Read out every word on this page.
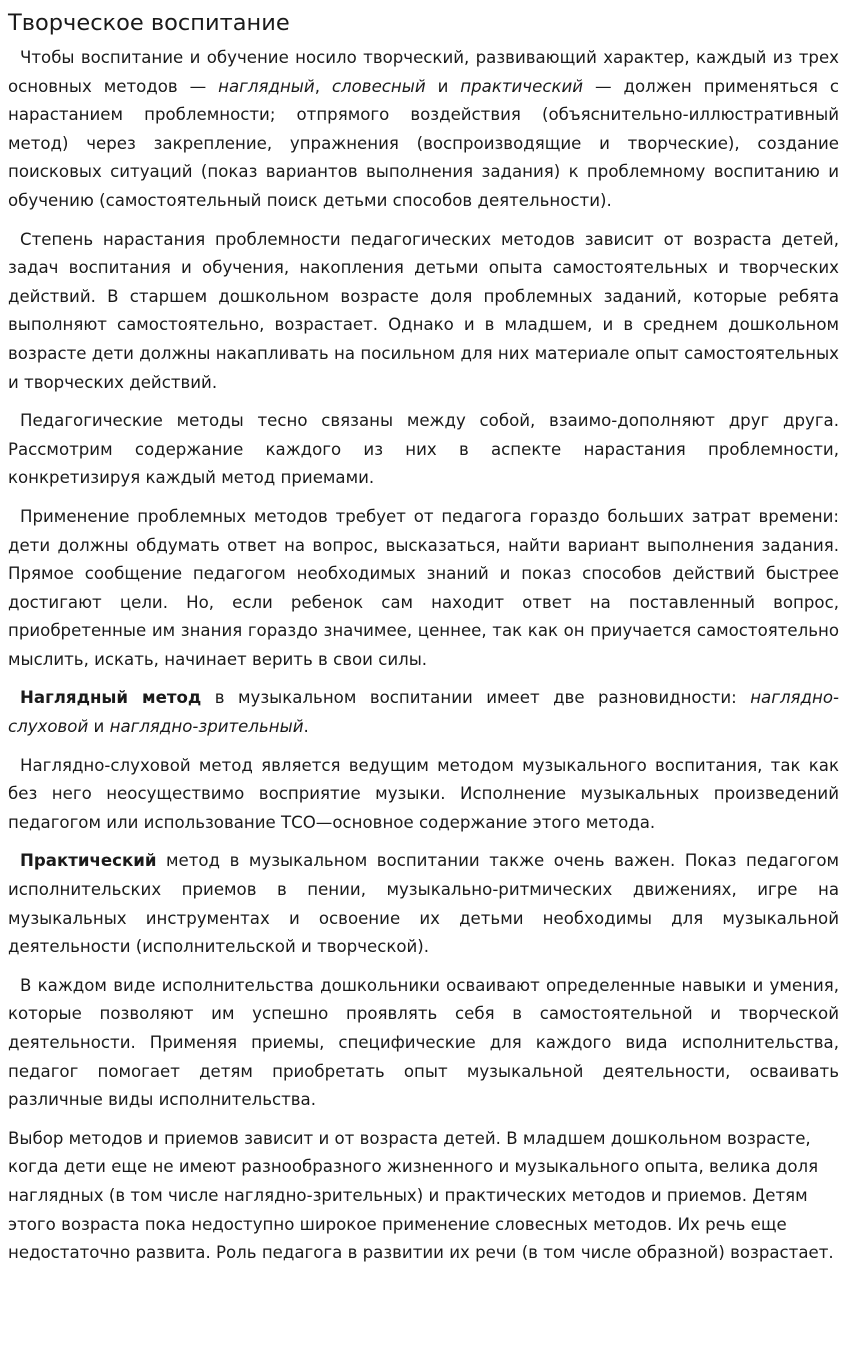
Творческое воспитание

Чтобы воспитание и обучение носило творческий, развивающий характер, каждый из трех основных методов — наглядный, словесный и практический — должен применяться с нарастанием проблемности; отпрямого воздействия (объяснительно-иллюстративный метод) через закрепление, упражнения (воспроизводящие и творческие), создание поисковых ситуаций (показ вариантов выполнения задания) к проблемному воспитанию и обучению (самостоятельный поиск детьми способов деятельности).

Степень нарастания проблемности педагогических методов зависит от возраста детей, задач воспитания и обучения, накопления детьми опыта самостоятельных и творческих действий. В старшем дошкольном возрасте доля проблемных заданий, которые ребята выполняют самостоятельно, возрастает. Однако и в младшем, и в среднем дошкольном возрасте дети должны накапливать на посильном для них материале опыт самостоятельных и творческих действий.

Педагогические методы тесно связаны между собой, взаимо-дополняют друг друга. Рассмотрим содержание каждого из них в аспекте нарастания проблемности, конкретизируя каждый метод приемами.

Применение проблемных методов требует от педагога гораздо больших затрат времени: дети должны обдумать ответ на вопрос, высказаться, найти вариант выполнения задания. Прямое сообщение педагогом необходимых знаний и показ способов действий быстрее достигают цели. Но, если ребенок сам находит ответ на поставленный вопрос, приобретенные им знания гораздо значимее, ценнее, так как он приучается самостоятельно мыслить, искать, начинает верить в свои силы.

Наглядный метод в музыкальном воспитании имеет две разновидности: наглядно-слуховой и наглядно-зрительный.

Наглядно-слуховой метод является ведущим методом музыкального воспитания, так как без него неосуществимо восприятие музыки. Исполнение музыкальных произведений педагогом или использование ТСО—основное содержание этого метода.

Практический метод в музыкальном воспитании также очень важен. Показ педагогом исполнительских приемов в пении, музыкально-ритмических движениях, игре на музыкальных инструментах и освоение их детьми необходимы для музыкальной деятельности (исполнительской и творческой).

В каждом виде исполнительства дошкольники осваивают определенные навыки и умения, которые позволяют им успешно проявлять себя в самостоятельной и творческой деятельности. Применяя приемы, специфические для каждого вида исполнительства, педагог помогает детям приобретать опыт музыкальной деятельности, осваивать различные виды исполнительства.

Выбор методов и приемов зависит и от возраста детей. В младшем дошкольном возрасте, когда дети еще не имеют разнообразного жизненного и музыкального опыта, велика доля наглядных (в том числе наглядно-зрительных) и практических методов и приемов. Детям этого возраста пока недоступно широкое применение словесных методов. Их речь еще недостаточно развита. Роль педагога в развитии их речи (в том числе образной) возрастает.
